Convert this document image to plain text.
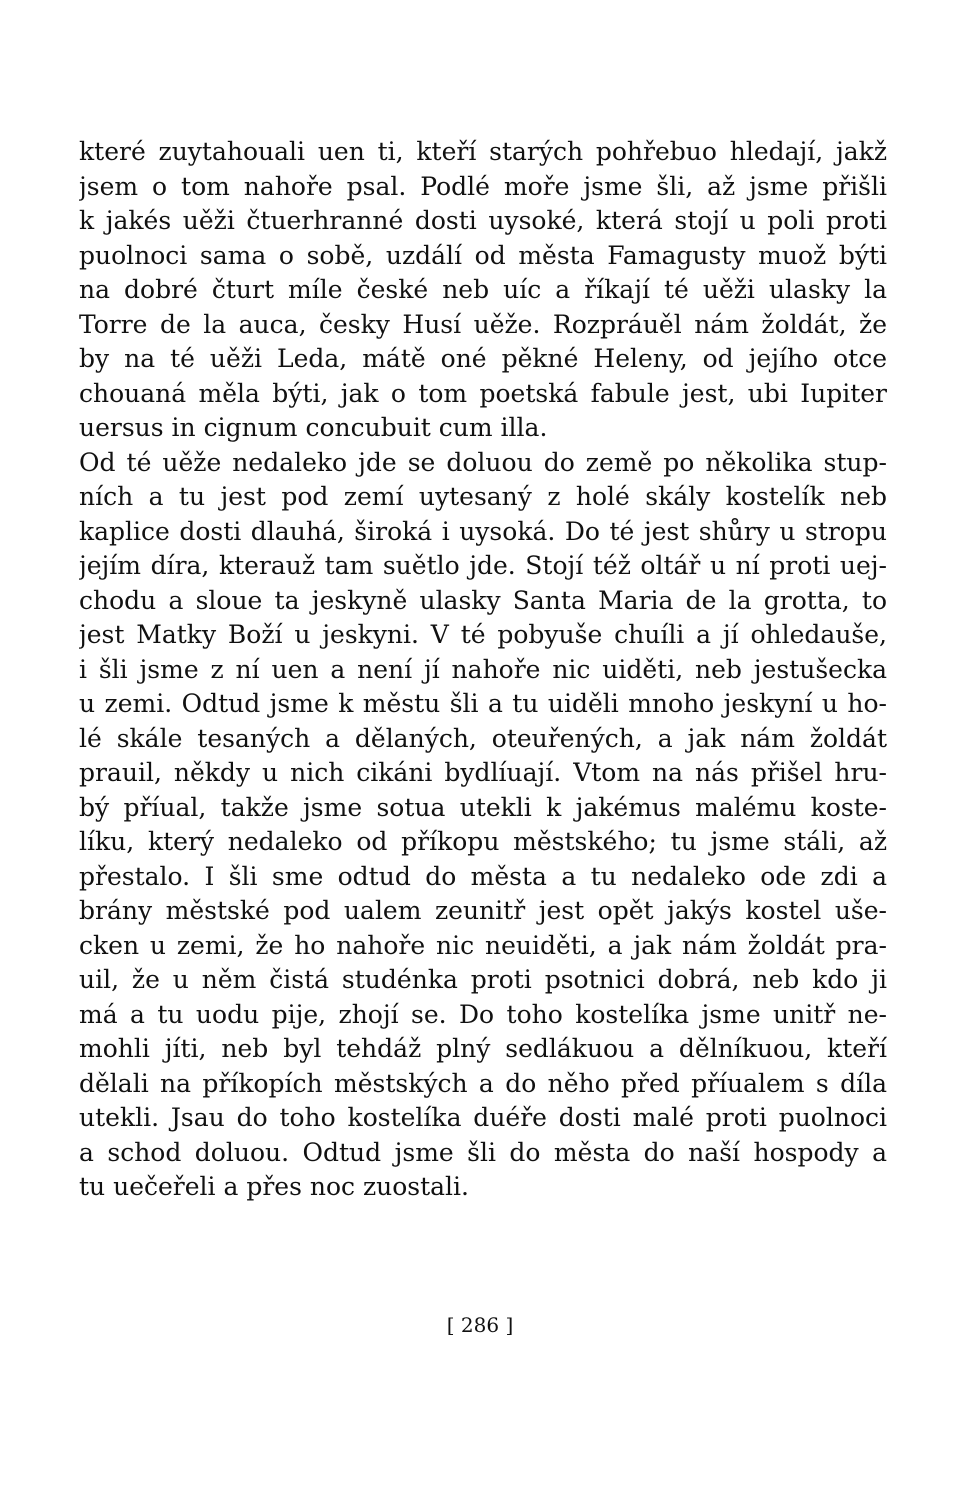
které zuytahouali uen ti, kteří starých pohřebuo hledají, jakž
jsem o tom nahoře psal. Podlé moře jsme šli, až jsme přišli
k jakés uěži čtuerhranné dosti uysoké, která stojí u poli proti
puolnoci sama o sobě, uzdálí od města Famagusty muož býti
na dobré čturt míle české neb uíc a říkají té uěži ulasky la
Torre de la auca, česky Husí uěže. Rozpráuěl nám žoldát, že
by na té uěži Leda, mátě oné pěkné Heleny, od jejího otce
chouaná měla býti, jak o tom poetská fabule jest, ubi Iupiter
uersus in cignum concubuit cum illa.
Od té uěže nedaleko jde se doluou do země po několika stup-
ních a tu jest pod zemí uytesaný z holé skály kostelík neb
kaplice dosti dlauhá, široká i uysoká. Do té jest shůry u stropu
jejím díra, kterauž tam suětlo jde. Stojí též oltář u ní proti uej-
chodu a sloue ta jeskyně ulasky Santa Maria de la grotta, to
jest Matky Boží u jeskyni. V té pobyuše chuíli a jí ohledauše,
i šli jsme z ní uen a není jí nahoře nic uiděti, neb jestušecka
u zemi. Odtud jsme k městu šli a tu uiděli mnoho jeskyní u ho-
lé skále tesaných a dělaných, oteuřených, a jak nám žoldát
prauil, někdy u nich cikáni bydlíuají. Vtom na nás přišel hru-
bý příual, takže jsme sotua utekli k jakémus malému koste-
líku, který nedaleko od příkopu městského; tu jsme stáli, až
přestalo. I šli sme odtud do města a tu nedaleko ode zdi a
brány městské pod ualem zeunitř jest opět jakýs kostel uše-
cken u zemi, že ho nahoře nic neuiděti, a jak nám žoldát pra-
uil, že u něm čistá studénka proti psotnici dobrá, neb kdo ji
má a tu uodu pije, zhojí se. Do toho kostelíka jsme unitř ne-
mohli jíti, neb byl tehdáž plný sedlákuou a dělníkuou, kteří
dělali na příkopích městských a do něho před příualem s díla
utekli. Jsau do toho kostelíka duéře dosti malé proti puolnoci
a schod doluou. Odtud jsme šli do města do naší hospody a
tu uečeřeli a přes noc zuostali.
[ 286 ]
